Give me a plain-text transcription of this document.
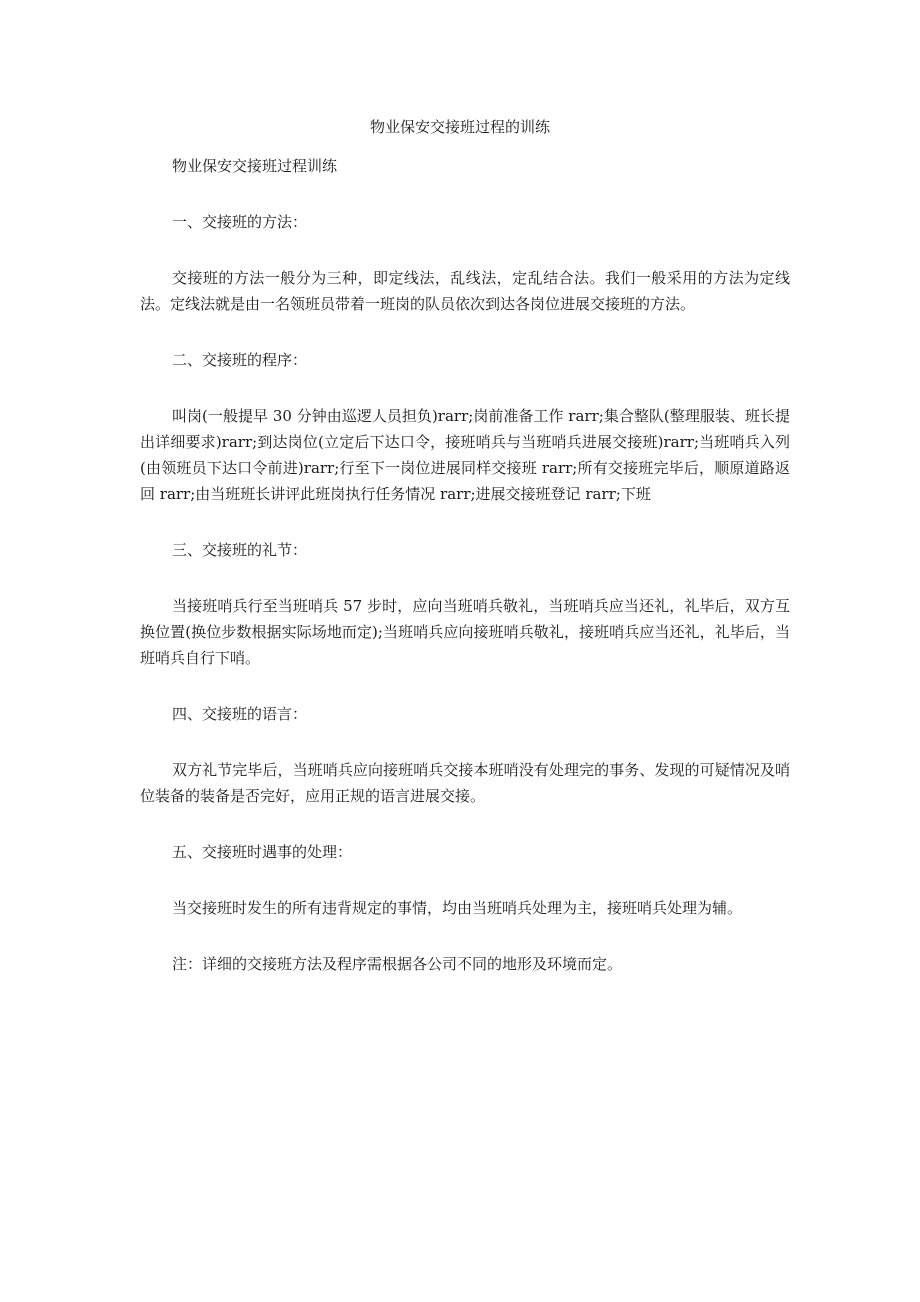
物业保安交接班过程的训练

物业保安交接班过程训练

一、交接班的方法：

交接班的方法一般分为三种，即定线法，乱线法，定乱结合法。我们一般采用的方法为定线法。定线法就是由一名领班员带着一班岗的队员依次到达各岗位进展交接班的方法。

二、交接班的程序：

叫岗(一般提早 30 分钟由巡逻人员担负)rarr;岗前准备工作 rarr;集合整队(整理服装、班长提出详细要求)rarr;到达岗位(立定后下达口令，接班哨兵与当班哨兵进展交接班)rarr;当班哨兵入列(由领班员下达口令前进)rarr;行至下一岗位进展同样交接班 rarr;所有交接班完毕后，顺原道路返回 rarr;由当班班长讲评此班岗执行任务情况 rarr;进展交接班登记 rarr;下班

三、交接班的礼节：

当接班哨兵行至当班哨兵 57 步时，应向当班哨兵敬礼，当班哨兵应当还礼，礼毕后，双方互换位置(换位步数根据实际场地而定);当班哨兵应向接班哨兵敬礼，接班哨兵应当还礼，礼毕后，当班哨兵自行下哨。

四、交接班的语言：

双方礼节完毕后，当班哨兵应向接班哨兵交接本班哨没有处理完的事务、发现的可疑情况及哨位装备的装备是否完好，应用正规的语言进展交接。

五、交接班时遇事的处理：

当交接班时发生的所有违背规定的事情，均由当班哨兵处理为主，接班哨兵处理为辅。

注：详细的交接班方法及程序需根据各公司不同的地形及环境而定。
